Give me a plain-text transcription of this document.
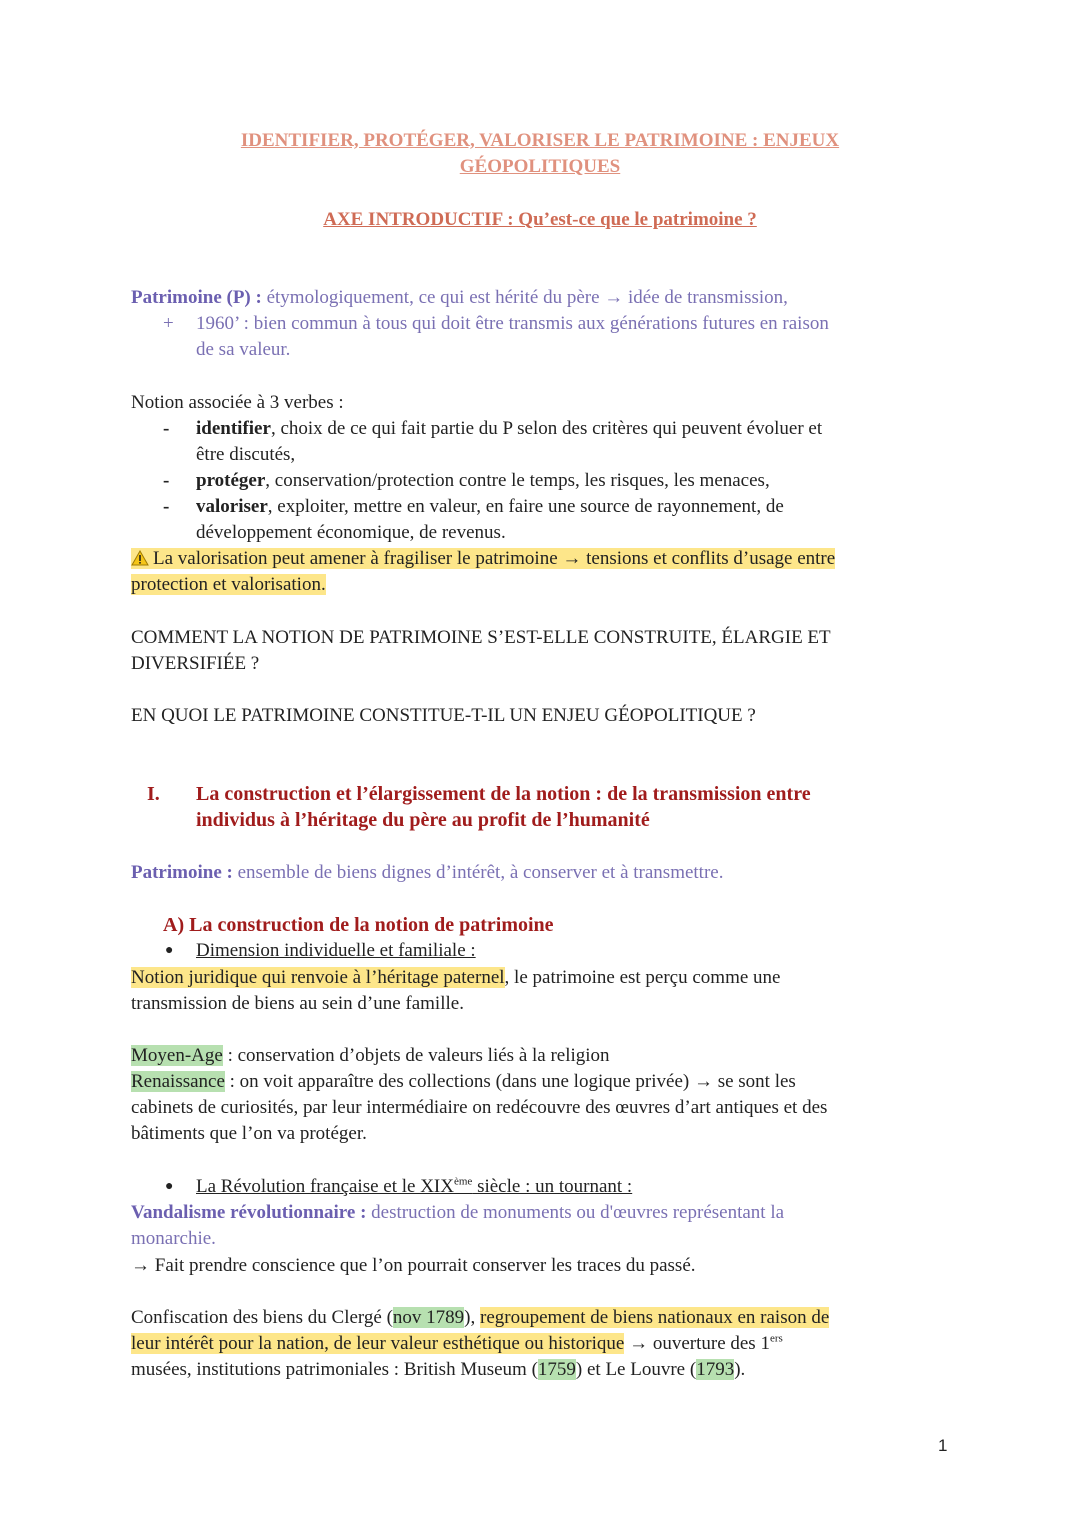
IDENTIFIER, PROTÉGER, VALORISER LE PATRIMOINE : ENJEUX
GÉOPOLITIQUES
AXE INTRODUCTIF : Qu’est-ce que le patrimoine ?
Patrimoine (P) : étymologiquement, ce qui est hérité du père → idée de transmission,
+ 1960’ : bien commun à tous qui doit être transmis aux générations futures en raison
de sa valeur.
Notion associée à 3 verbes :
- identifier, choix de ce qui fait partie du P selon des critères qui peuvent évoluer et
être discutés,
- protéger, conservation/protection contre le temps, les risques, les menaces,
- valoriser, exploiter, mettre en valeur, en faire une source de rayonnement, de
développement économique, de revenus.
La valorisation peut amener à fragiliser le patrimoine → tensions et conflits d’usage entre
protection et valorisation.
COMMENT LA NOTION DE PATRIMOINE S’EST-ELLE CONSTRUITE, ÉLARGIE ET
DIVERSIFIÉE ?
EN QUOI LE PATRIMOINE CONSTITUE-T-IL UN ENJEU GÉOPOLITIQUE ?
I. La construction et l’élargissement de la notion : de la transmission entre
individus à l’héritage du père au profit de l’humanité
Patrimoine : ensemble de biens dignes d’intérêt, à conserver et à transmettre.
A) La construction de la notion de patrimoine
● Dimension individuelle et familiale :
Notion juridique qui renvoie à l’héritage paternel, le patrimoine est perçu comme une
transmission de biens au sein d’une famille.
Moyen-Age : conservation d’objets de valeurs liés à la religion
Renaissance : on voit apparaître des collections (dans une logique privée) → se sont les
cabinets de curiosités, par leur intermédiaire on redécouvre des œuvres d’art antiques et des
bâtiments que l’on va protéger.
● La Révolution française et le XIXème siècle : un tournant :
Vandalisme révolutionnaire : destruction de monuments ou d'œuvres représentant la
monarchie.
→ Fait prendre conscience que l’on pourrait conserver les traces du passé.
Confiscation des biens du Clergé (nov 1789), regroupement de biens nationaux en raison de
leur intérêt pour la nation, de leur valeur esthétique ou historique → ouverture des 1ers
musées, institutions patrimoniales : British Museum (1759) et Le Louvre (1793).
1
